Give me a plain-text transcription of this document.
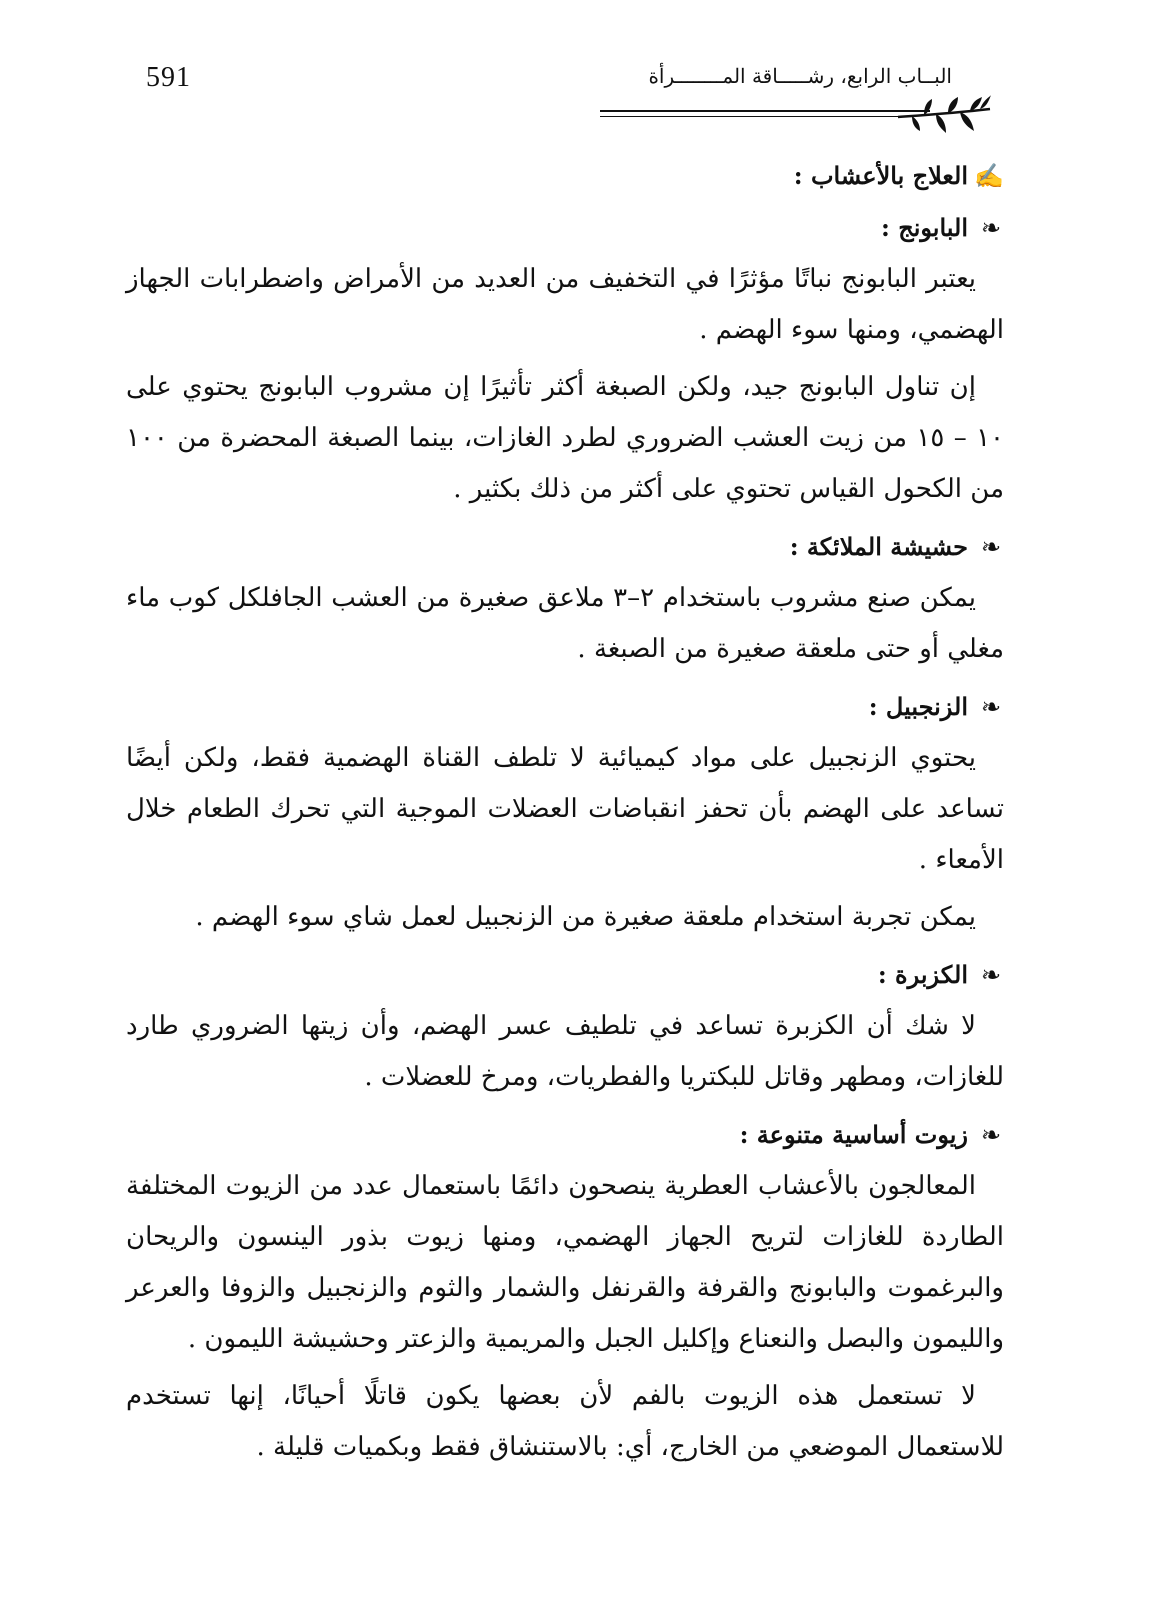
591	البــاب الرابع، رشـــــاقة المــــــــرأة
✍
العلاج بالأعشاب :
❧
البابونج :

يعتبر البابونج نباتًا مؤثرًا في التخفيف من العديد من الأمراض واضطرابات الجهاز الهضمي، ومنها سوء الهضم .

إن تناول البابونج جيد، ولكن الصبغة أكثر تأثيرًا إن مشروب البابونج يحتوي على ١٠ – ١٥ من زيت العشب الضروري لطرد الغازات، بينما الصبغة المحضرة من ١٠٠ من الكحول القياس تحتوي على أكثر من ذلك بكثير .

❧
حشيشة الملائكة :

يمكن صنع مشروب باستخدام ٢–٣ ملاعق صغيرة من العشب الجافلكل كوب ماء مغلي أو حتى ملعقة صغيرة من الصبغة .

❧
الزنجبيل :

يحتوي الزنجبيل على مواد كيميائية لا تلطف القناة الهضمية فقط، ولكن أيضًا تساعد على الهضم بأن تحفز انقباضات العضلات الموجية التي تحرك الطعام خلال الأمعاء .

يمكن تجربة استخدام ملعقة صغيرة من الزنجبيل لعمل شاي سوء الهضم .

❧
الكزبرة :

لا شك أن الكزبرة تساعد في تلطيف عسر الهضم، وأن زيتها الضروري طارد للغازات، ومطهر وقاتل للبكتريا والفطريات، ومرخ للعضلات .

❧
زيوت أساسية متنوعة :

المعالجون بالأعشاب العطرية ينصحون دائمًا باستعمال عدد من الزيوت المختلفة الطاردة للغازات لتريح الجهاز الهضمي، ومنها زيوت بذور الينسون والريحان والبرغموت والبابونج والقرفة والقرنفل والشمار والثوم والزنجبيل والزوفا والعرعر والليمون والبصل والنعناع وإكليل الجبل والمريمية والزعتر وحشيشة الليمون .

لا تستعمل هذه الزيوت بالفم لأن بعضها يكون قاتلًا أحيانًا، إنها تستخدم للاستعمال الموضعي من الخارج، أي: بالاستنشاق فقط وبكميات قليلة .
